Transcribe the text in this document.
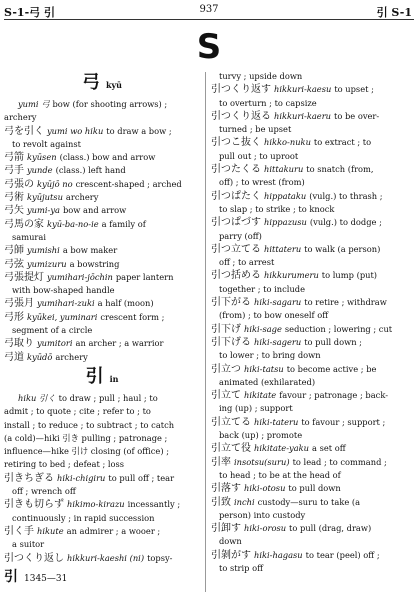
S-1-弓 引	937	引 S-1
S
弓kyū
yumi 弓 bow (for shooting arrows) ;
archery
弓を引く yumi wo hiku to draw a bow ;
to revolt against
弓箭 kyūsen (class.) bow and arrow
弓手 yunde (class.) left hand
弓張の kyūjō no crescent-shaped ; arched
弓術 kyūjutsu archery
弓矢 yumi-ya bow and arrow
弓馬の家 kyū-ba-no-ie a family of
samurai
弓師 yumishi a bow maker
弓弦 yumizuru a bowstring
弓張提灯 yumihari-jōchin paper lantern
with bow-shaped handle
弓張月 yumihari-zuki a half (moon)
弓形 kyūkei, yuminari crescent form ;
segment of a circle
弓取り yumitori an archer ; a warrior
弓道 kyūdō archery
引in
hiku 引く to draw ; pull ; haul ; to
admit ; to quote ; cite ; refer to ; to
install ; to reduce ; to subtract ; to catch
(a cold)—hiki 引き pulling ; patronage ;
influence—hike 引け closing (of office) ;
retiring to bed ; defeat ; loss
引きちぎる hiki-chigiru to pull off ; tear
off ; wrench off
引きも切らず hikimo-kirazu incessantly ;
continuously ; in rapid succession
引く手 hikute an admirer ; a wooer ;
a suitor
引つくり返し hikkuri-kaeshi (ni) topsy-
引 1345—31
turvy ; upside down
引つくり返す hikkuri-kaesu to upset ;
to overturn ; to capsize
引つくり返る hikkuri-kaeru to be over-
turned ; be upset
引つこ抜く hikko-nuku to extract ; to
pull out ; to uproot
引つたくる hittakuru to snatch (from,
off) ; to wrest (from)
引つぱたく hippataku (vulg.) to thrash ;
to slap ; to strike ; to knock
引つぱづす hippazusu (vulg.) to dodge ;
parry (off)
引つ立てる hittateru to walk (a person)
off ; to arrest
引つ括める hikkurumeru to lump (put)
together ; to include
引下がる hiki-sagaru to retire ; withdraw
(from) ; to bow oneself off
引下げ hiki-sage seduction ; lowering ; cut
引下げる hiki-sageru to pull down ;
to lower ; to bring down
引立つ hiki-tatsu to become active ; be
animated (exhilarated)
引立て hikitate favour ; patronage ; back-
ing (up) ; support
引立てる hiki-tateru to favour ; support ;
back (up) ; promote
引立て役 hikitate-yaku a set off
引率 insotsu(suru) to lead ; to command ;
to head ; to be at the head of
引落す hiki-otosu to pull down
引致 inchi custody—suru to take (a
person) into custody
引卸す hiki-orosu to pull (drag, draw)
down
引剝がす hiki-hagasu to tear (peel) off ;
to strip off
